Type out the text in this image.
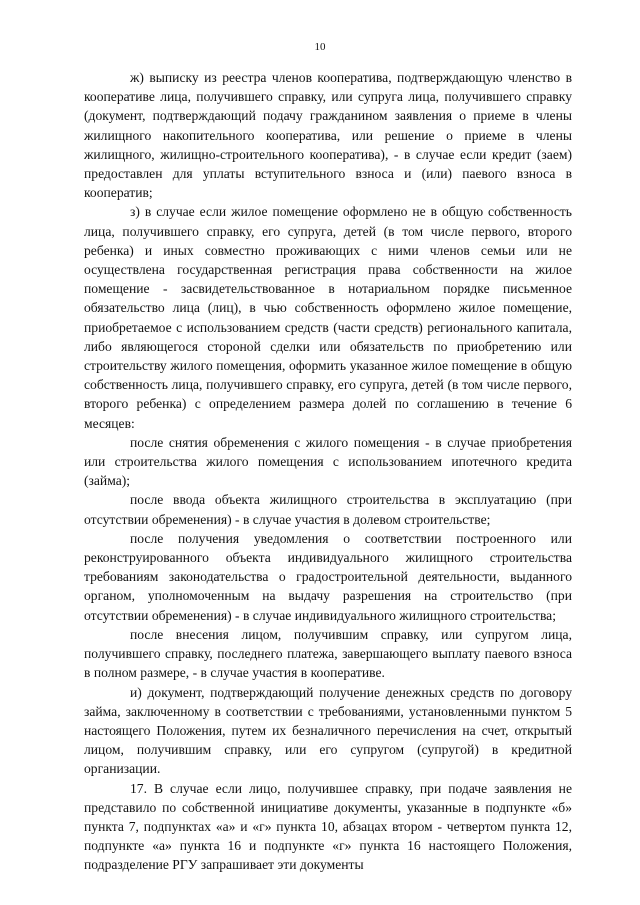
10

ж) выписку из реестра членов кооператива, подтверждающую членство в кооперативе лица, получившего справку, или супруга лица, получившего справку (документ, подтверждающий подачу гражданином заявления о приеме в члены жилищного накопительного кооператива, или решение о приеме в члены жилищного, жилищно-строительного кооператива), - в случае если кредит (заем) предоставлен для уплаты вступительного взноса и (или) паевого взноса в кооператив;

з) в случае если жилое помещение оформлено не в общую собственность лица, получившего справку, его супруга, детей (в том числе первого, второго ребенка) и иных совместно проживающих с ними членов семьи или не осуществлена государственная регистрация права собственности на жилое помещение - засвидетельствованное в нотариальном порядке письменное обязательство лица (лиц), в чью собственность оформлено жилое помещение, приобретаемое с использованием средств (части средств) регионального капитала, либо являющегося стороной сделки или обязательств по приобретению или строительству жилого помещения, оформить указанное жилое помещение в общую собственность лица, получившего справку, его супруга, детей (в том числе первого, второго ребенка) с определением размера долей по соглашению в течение 6 месяцев:

после снятия обременения с жилого помещения - в случае приобретения или строительства жилого помещения с использованием ипотечного кредита (займа);

после ввода объекта жилищного строительства в эксплуатацию (при отсутствии обременения) - в случае участия в долевом строительстве;

после получения уведомления о соответствии построенного или реконструированного объекта индивидуального жилищного строительства требованиям законодательства о градостроительной деятельности, выданного органом, уполномоченным на выдачу разрешения на строительство (при отсутствии обременения) - в случае индивидуального жилищного строительства;

после внесения лицом, получившим справку, или супругом лица, получившего справку, последнего платежа, завершающего выплату паевого взноса в полном размере, - в случае участия в кооперативе.

и) документ, подтверждающий получение денежных средств по договору займа, заключенному в соответствии с требованиями, установленными пунктом 5 настоящего Положения, путем их безналичного перечисления на счет, открытый лицом, получившим справку, или его супругом (супругой) в кредитной организации.

17. В случае если лицо, получившее справку, при подаче заявления не представило по собственной инициативе документы, указанные в подпункте «б» пункта 7, подпунктах «а» и «г» пункта 10, абзацах втором - четвертом пункта 12, подпункте «а» пункта 16 и подпункте «г» пункта 16 настоящего Положения, подразделение РГУ запрашивает эти документы
